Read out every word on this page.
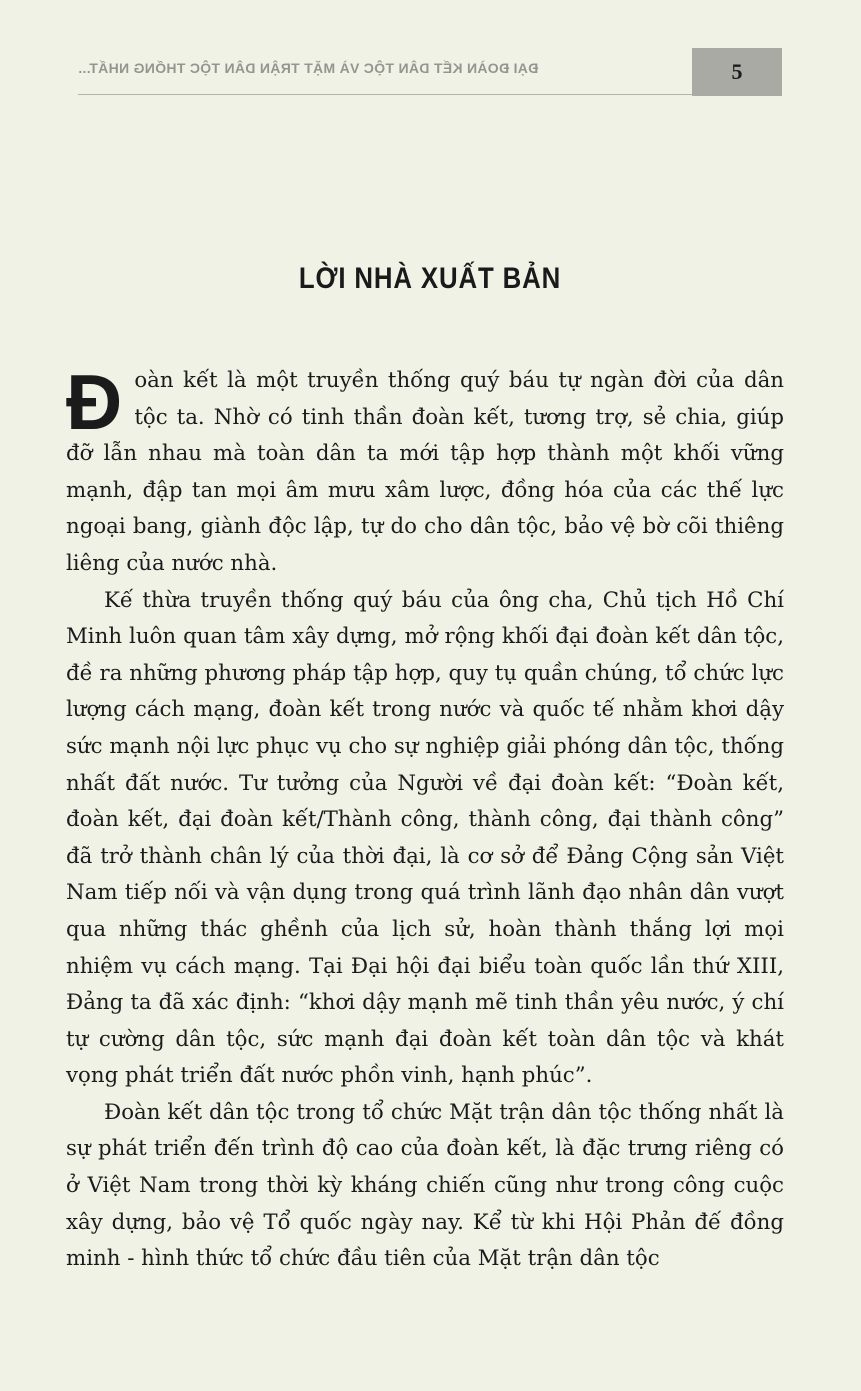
ĐẠI ĐOÀN KẾT DÂN TỘC VÀ MẶT TRẬN DÂN TỘC THỐNG NHẤT...	5
LỜI NHÀ XUẤT BẢN

Đoàn kết là một truyền thống quý báu tự ngàn đời của dân tộc ta. Nhờ có tinh thần đoàn kết, tương trợ, sẻ chia, giúp đỡ lẫn nhau mà toàn dân ta mới tập hợp thành một khối vững mạnh, đập tan mọi âm mưu xâm lược, đồng hóa của các thế lực ngoại bang, giành độc lập, tự do cho dân tộc, bảo vệ bờ cõi thiêng liêng của nước nhà.

Kế thừa truyền thống quý báu của ông cha, Chủ tịch Hồ Chí Minh luôn quan tâm xây dựng, mở rộng khối đại đoàn kết dân tộc, đề ra những phương pháp tập hợp, quy tụ quần chúng, tổ chức lực lượng cách mạng, đoàn kết trong nước và quốc tế nhằm khơi dậy sức mạnh nội lực phục vụ cho sự nghiệp giải phóng dân tộc, thống nhất đất nước. Tư tưởng của Người về đại đoàn kết: “Đoàn kết, đoàn kết, đại đoàn kết/Thành công, thành công, đại thành công” đã trở thành chân lý của thời đại, là cơ sở để Đảng Cộng sản Việt Nam tiếp nối và vận dụng trong quá trình lãnh đạo nhân dân vượt qua những thác ghềnh của lịch sử, hoàn thành thắng lợi mọi nhiệm vụ cách mạng. Tại Đại hội đại biểu toàn quốc lần thứ XIII, Đảng ta đã xác định: “khơi dậy mạnh mẽ tinh thần yêu nước, ý chí tự cường dân tộc, sức mạnh đại đoàn kết toàn dân tộc và khát vọng phát triển đất nước phồn vinh, hạnh phúc”.

Đoàn kết dân tộc trong tổ chức Mặt trận dân tộc thống nhất là sự phát triển đến trình độ cao của đoàn kết, là đặc trưng riêng có ở Việt Nam trong thời kỳ kháng chiến cũng như trong công cuộc xây dựng, bảo vệ Tổ quốc ngày nay. Kể từ khi Hội Phản đế đồng minh - hình thức tổ chức đầu tiên của Mặt trận dân tộc
